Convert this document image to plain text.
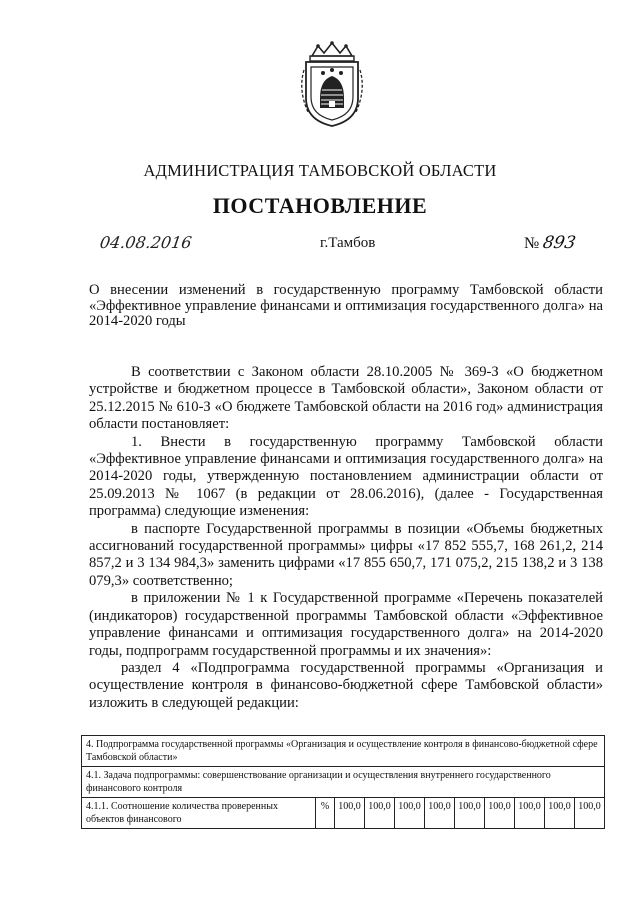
АДМИНИСТРАЦИЯ ТАМБОВСКОЙ ОБЛАСТИ
ПОСТАНОВЛЕНИЕ
04.08.2016	г.Тамбов	№ 893
О внесении изменений в государственную программу Тамбовской области «Эффективное управление финансами и оптимизация государственного долга» на 2014-2020 годы

В соответствии с Законом области 28.10.2005 № 369-З «О бюджетном устройстве и бюджетном процессе в Тамбовской области», Законом области от 25.12.2015 № 610-З «О бюджете Тамбовской области на 2016 год» администрация области постановляет:

1. Внести в государственную программу Тамбовской области «Эффективное управление финансами и оптимизация государственного долга» на 2014-2020 годы, утвержденную постановлением администрации области от 25.09.2013 № 1067 (в редакции от 28.06.2016), (далее - Государственная программа) следующие изменения:

в паспорте Государственной программы в позиции «Объемы бюджетных ассигнований государственной программы» цифры «17 852 555,7, 168 261,2, 214 857,2 и 3 134 984,3» заменить цифрами «17 855 650,7, 171 075,2, 215 138,2 и 3 138 079,3» соответственно;

в приложении № 1 к Государственной программе «Перечень показателей (индикаторов) государственной программы Тамбовской области «Эффективное управление финансами и оптимизация государственного долга» на 2014-2020 годы, подпрограмм государственной программы и их значения»:

раздел 4 «Подпрограмма государственной программы «Организация и осуществление контроля в финансово-бюджетной сфере Тамбовской области» изложить в следующей редакции:

4. Подпрограмма государственной программы «Организация и осуществление контроля в финансово-бюджетной сфере Тамбовской области»
4.1. Задача подпрограммы: совершенствование организации и осуществления внутреннего государственного финансового контроля
4.1.1. Соотношение количества проверенных объектов финансового	%	100,0	100,0	100,0	100,0	100,0	100,0	100,0	100,0	100,0
